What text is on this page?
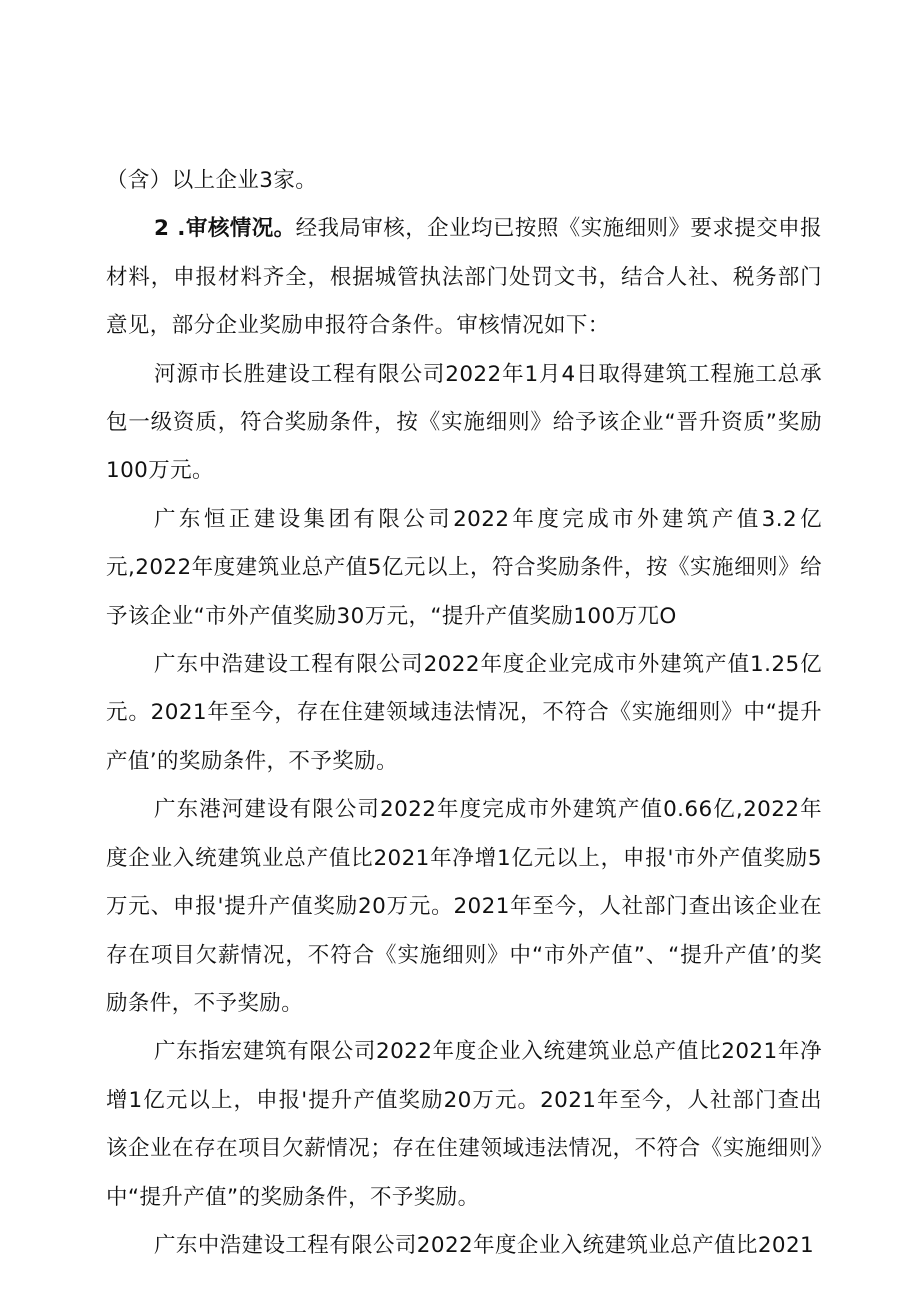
（含）以上企业3家。

2 .审核情况。经我局审核，企业均已按照《实施细则》要求提交申报材料，申报材料齐全，根据城管执法部门处罚文书，结合人社、税务部门意见，部分企业奖励申报符合条件。审核情况如下：

河源市长胜建设工程有限公司2022年1月4日取得建筑工程施工总承包一级资质，符合奖励条件，按《实施细则》给予该企业“晋升资质”奖励100万元。

广东恒正建设集团有限公司2022年度完成市外建筑产值3.2亿元,2022年度建筑业总产值5亿元以上，符合奖励条件，按《实施细则》给予该企业“市外产值奖励30万元，“提升产值奖励100万兀O

广东中浩建设工程有限公司2022年度企业完成市外建筑产值1.25亿元。2021年至今，存在住建领域违法情况，不符合《实施细则》中“提升产值’的奖励条件，不予奖励。

广东港河建设有限公司2022年度完成市外建筑产值0.66亿,2022年度企业入统建筑业总产值比2021年净增1亿元以上，申报'市外产值奖励5万元、申报'提升产值奖励20万元。2021年至今，人社部门查出该企业在存在项目欠薪情况，不符合《实施细则》中“市外产值”、“提升产值’的奖励条件，不予奖励。

广东指宏建筑有限公司2022年度企业入统建筑业总产值比2021年净增1亿元以上，申报'提升产值奖励20万元。2021年至今，人社部门查出该企业在存在项目欠薪情况；存在住建领域违法情况，不符合《实施细则》中“提升产值”的奖励条件，不予奖励。

广东中浩建设工程有限公司2022年度企业入统建筑业总产值比2021
